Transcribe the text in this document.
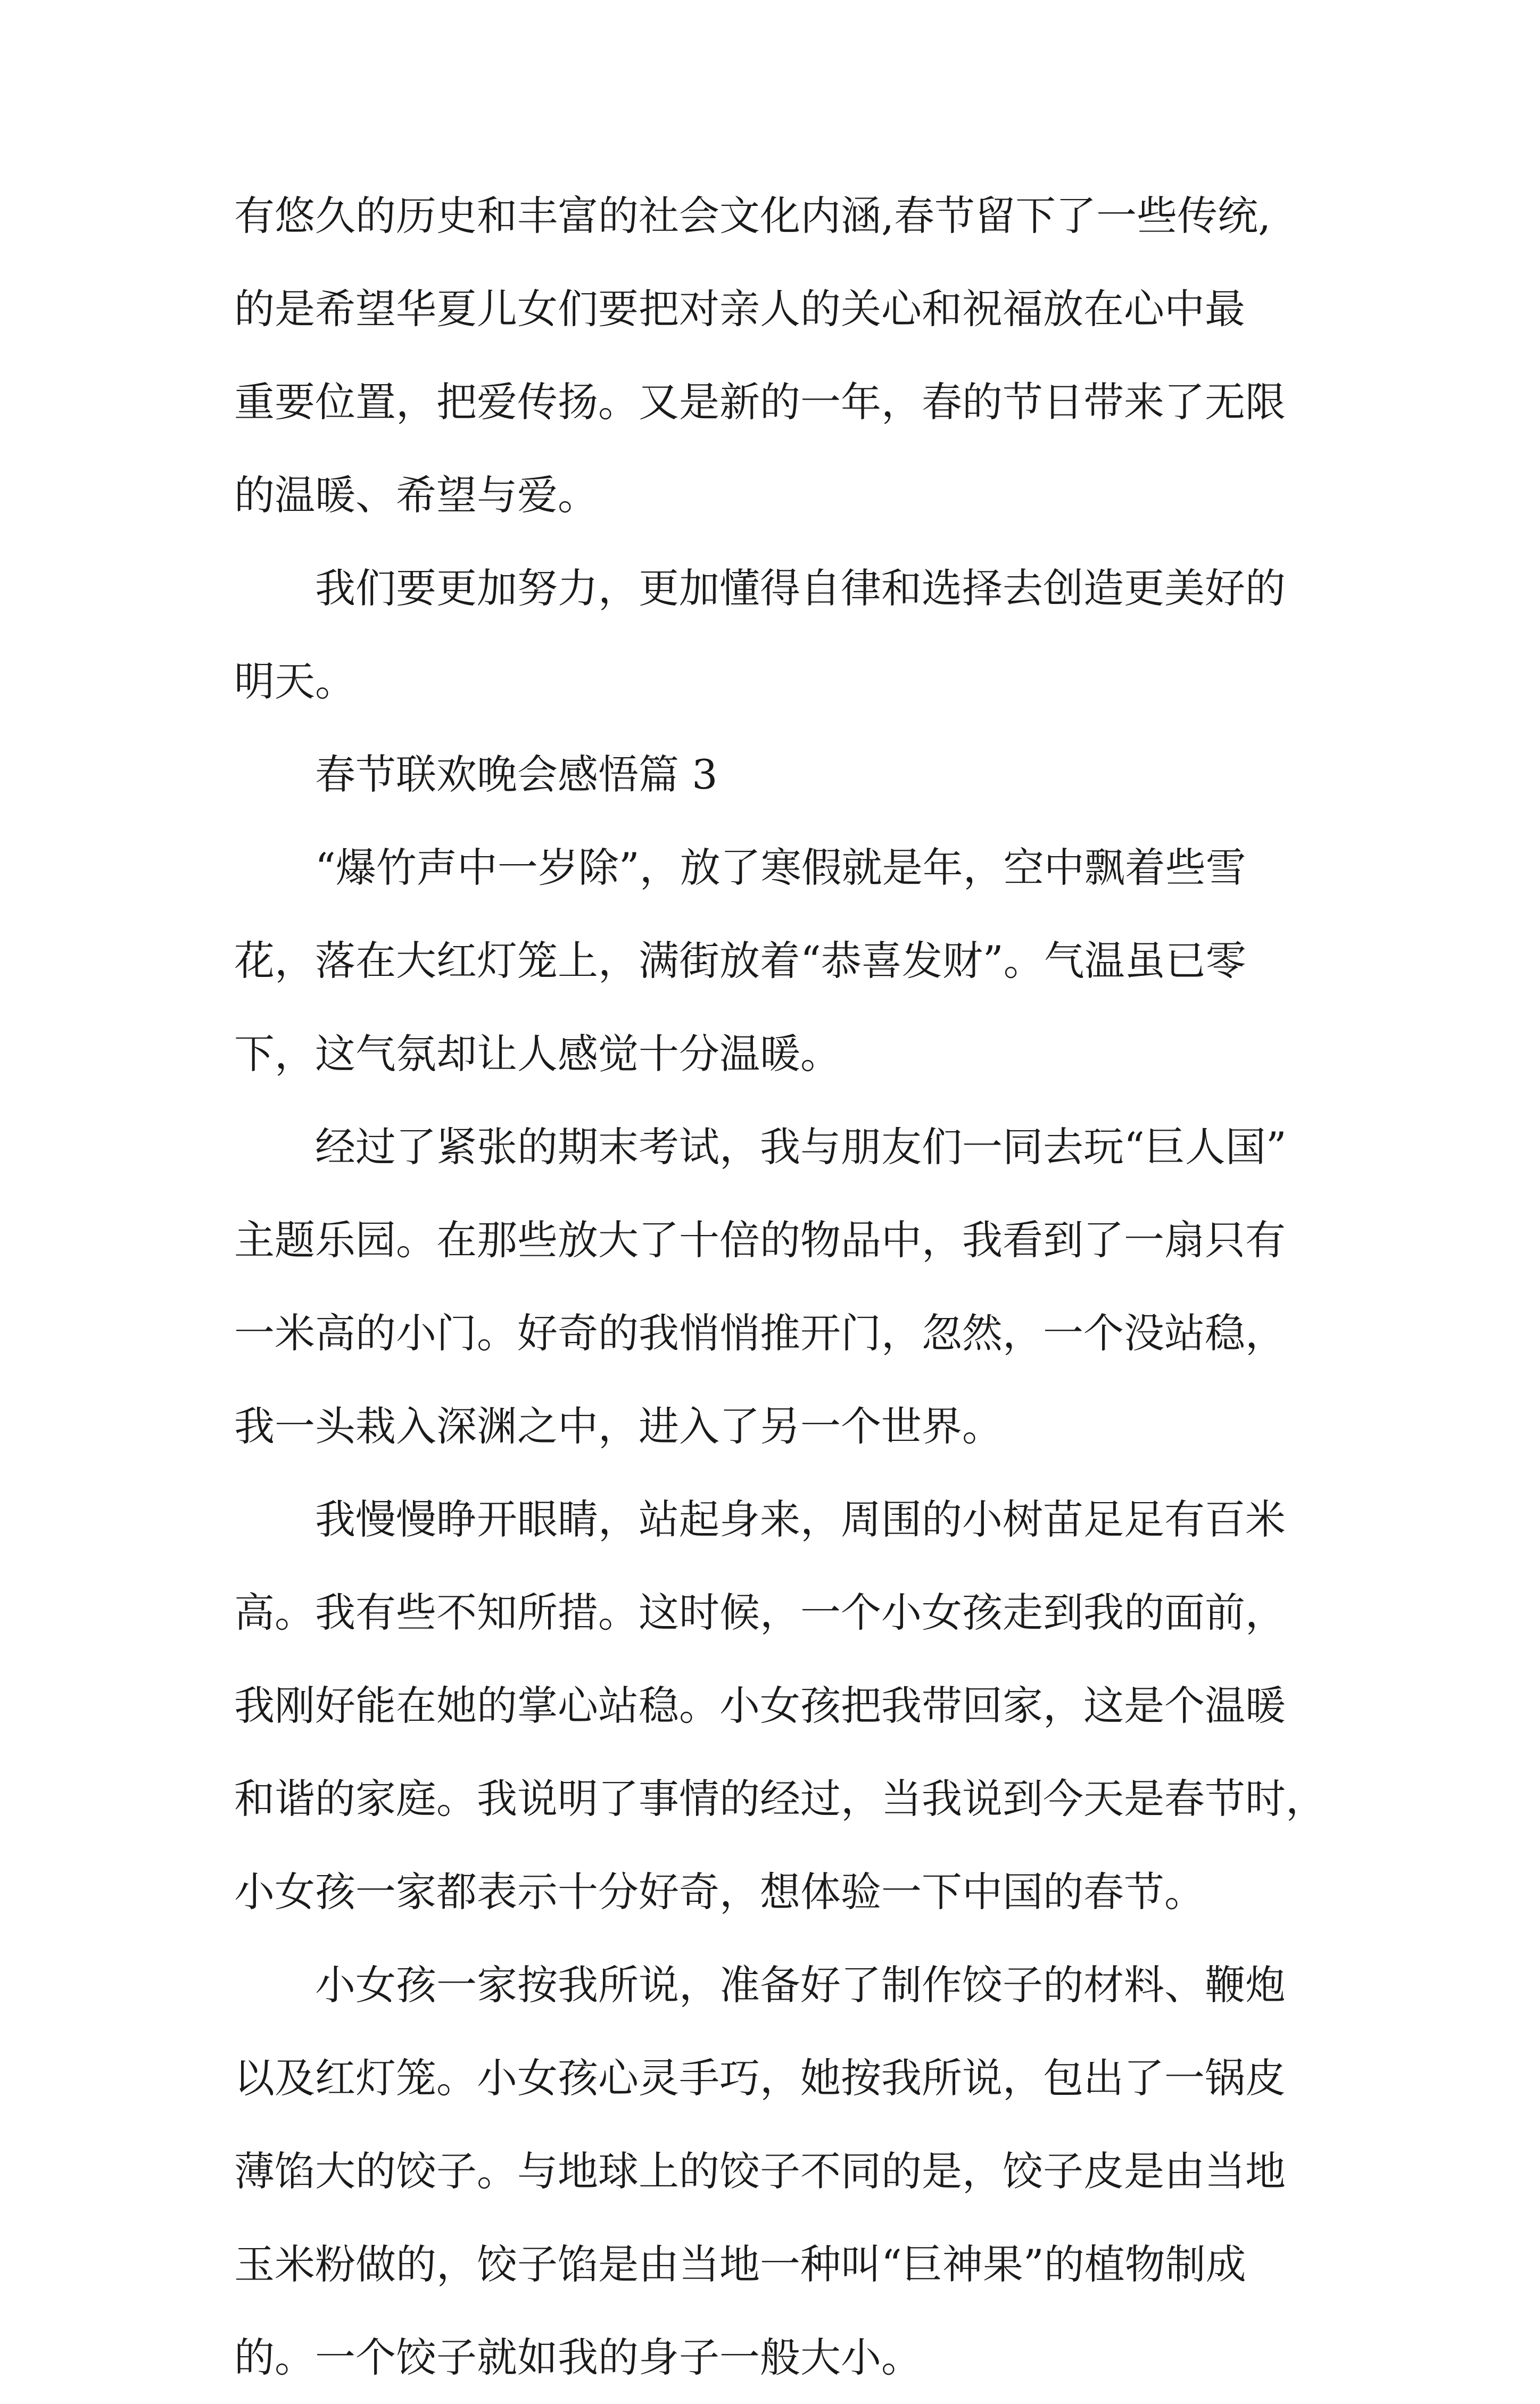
有悠久的历史和丰富的社会文化内涵,春节留下了一些传统,
的是希望华夏儿女们要把对亲人的关心和祝福放在心中最
重要位置，把爱传扬。又是新的一年，春的节日带来了无限
的温暖、希望与爱。
我们要更加努力，更加懂得自律和选择去创造更美好的
明天。
春节联欢晚会感悟篇 3
“爆竹声中一岁除”，放了寒假就是年，空中飘着些雪
花，落在大红灯笼上，满街放着“恭喜发财”。气温虽已零
下，这气氛却让人感觉十分温暖。
经过了紧张的期末考试，我与朋友们一同去玩“巨人国”
主题乐园。在那些放大了十倍的物品中，我看到了一扇只有
一米高的小门。好奇的我悄悄推开门，忽然，一个没站稳，
我一头栽入深渊之中，进入了另一个世界。
我慢慢睁开眼睛，站起身来，周围的小树苗足足有百米
高。我有些不知所措。这时候，一个小女孩走到我的面前，
我刚好能在她的掌心站稳。小女孩把我带回家，这是个温暖
和谐的家庭。我说明了事情的经过，当我说到今天是春节时，
小女孩一家都表示十分好奇，想体验一下中国的春节。
小女孩一家按我所说，准备好了制作饺子的材料、鞭炮
以及红灯笼。小女孩心灵手巧，她按我所说，包出了一锅皮
薄馅大的饺子。与地球上的饺子不同的是，饺子皮是由当地
玉米粉做的，饺子馅是由当地一种叫“巨神果”的植物制成
的。一个饺子就如我的身子一般大小。
